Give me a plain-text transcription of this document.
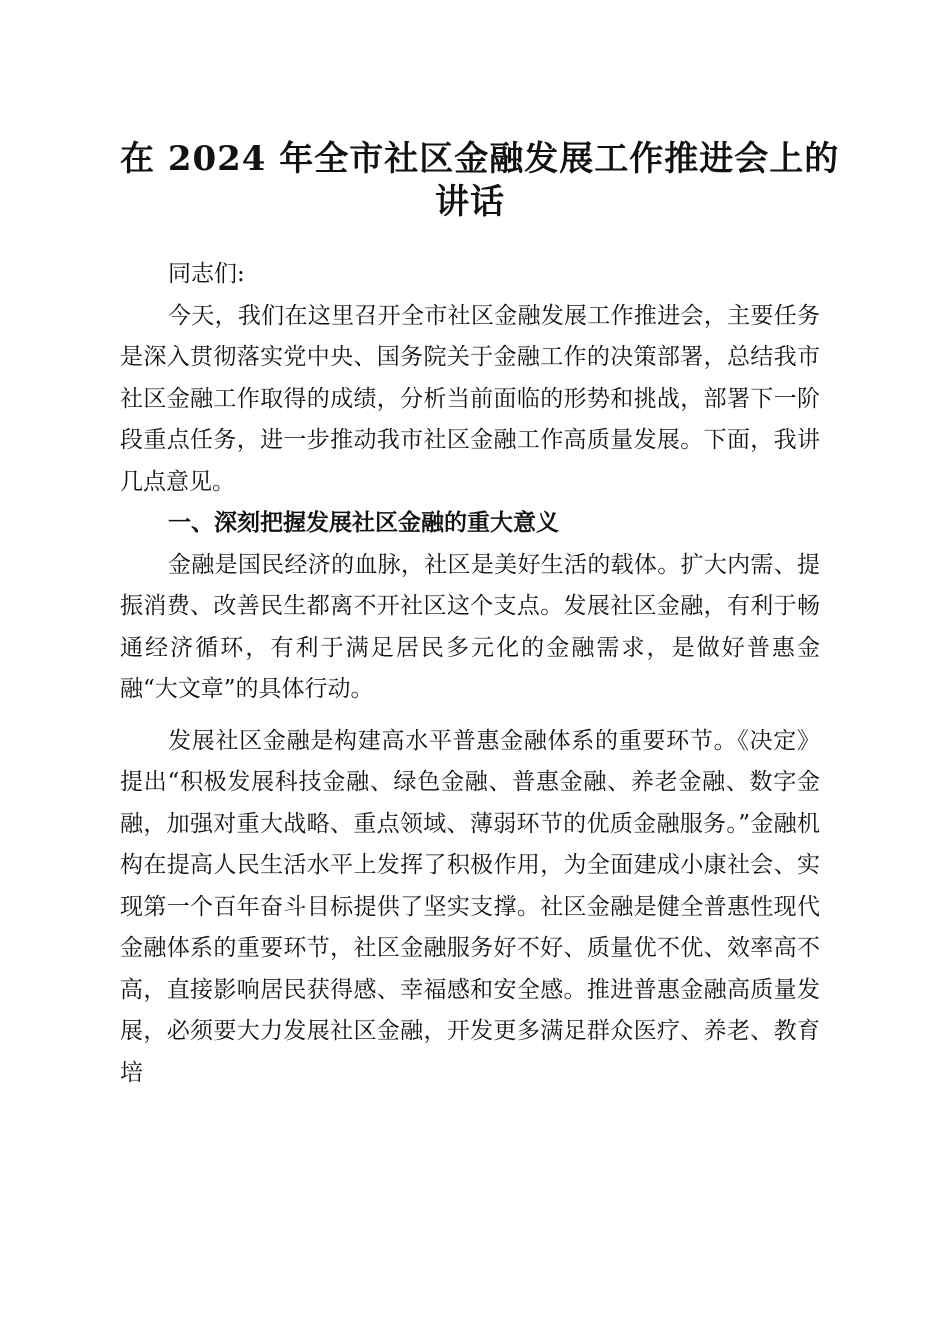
在 2024 年全市社区金融发展工作推进会上的
讲话

同志们:

今天，我们在这里召开全市社区金融发展工作推进会，主要任务是深入贯彻落实党中央、国务院关于金融工作的决策部署，总结我市社区金融工作取得的成绩，分析当前面临的形势和挑战，部署下一阶段重点任务，进一步推动我市社区金融工作高质量发展。下面，我讲几点意见。

一、深刻把握发展社区金融的重大意义

金融是国民经济的血脉，社区是美好生活的载体。扩大内需、提振消费、改善民生都离不开社区这个支点。发展社区金融，有利于畅通经济循环，有利于满足居民多元化的金融需求，是做好普惠金融“大文章”的具体行动。

发展社区金融是构建高水平普惠金融体系的重要环节。《决定》提出“积极发展科技金融、绿色金融、普惠金融、养老金融、数字金融，加强对重大战略、重点领域、薄弱环节的优质金融服务。”金融机构在提高人民生活水平上发挥了积极作用，为全面建成小康社会、实现第一个百年奋斗目标提供了坚实支撑。社区金融是健全普惠性现代金融体系的重要环节，社区金融服务好不好、质量优不优、效率高不高，直接影响居民获得感、幸福感和安全感。推进普惠金融高质量发展，必须要大力发展社区金融，开发更多满足群众医疗、养老、教育培
